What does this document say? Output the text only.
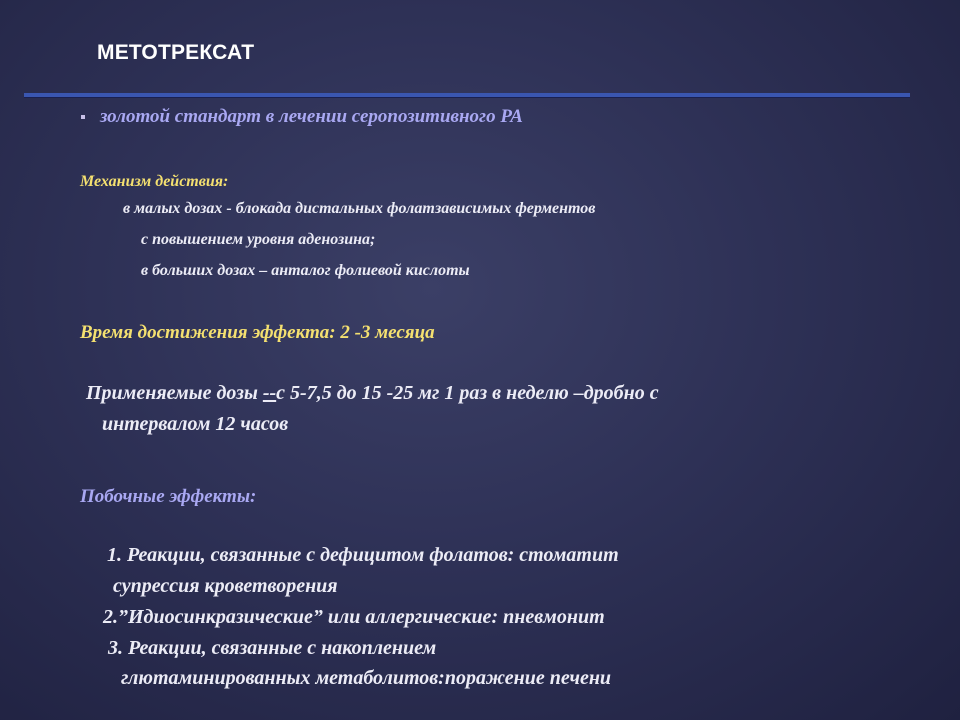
МЕТОТРЕКСАТ
золотой стандарт в лечении серопозитивного РА
Механизм действия:
в малых дозах - блокада дистальных фолатзависимых ферментов
с повышением уровня аденозина;
в больших дозах – анталог фолиевой кислоты
Время достижения эффекта: 2 -3 месяца
Применяемые дозы --с 5-7,5 до 15 -25 мг 1 раз в неделю –дробно с
интервалом 12 часов
Побочные эффекты:
1. Реакции, связанные с дефицитом фолатов: стоматит
супрессия кроветворения
2.”Идиосинкразические” или аллергические: пневмонит
3. Реакции, связанные с накоплением
глютаминированных метаболитов:поражение печени
